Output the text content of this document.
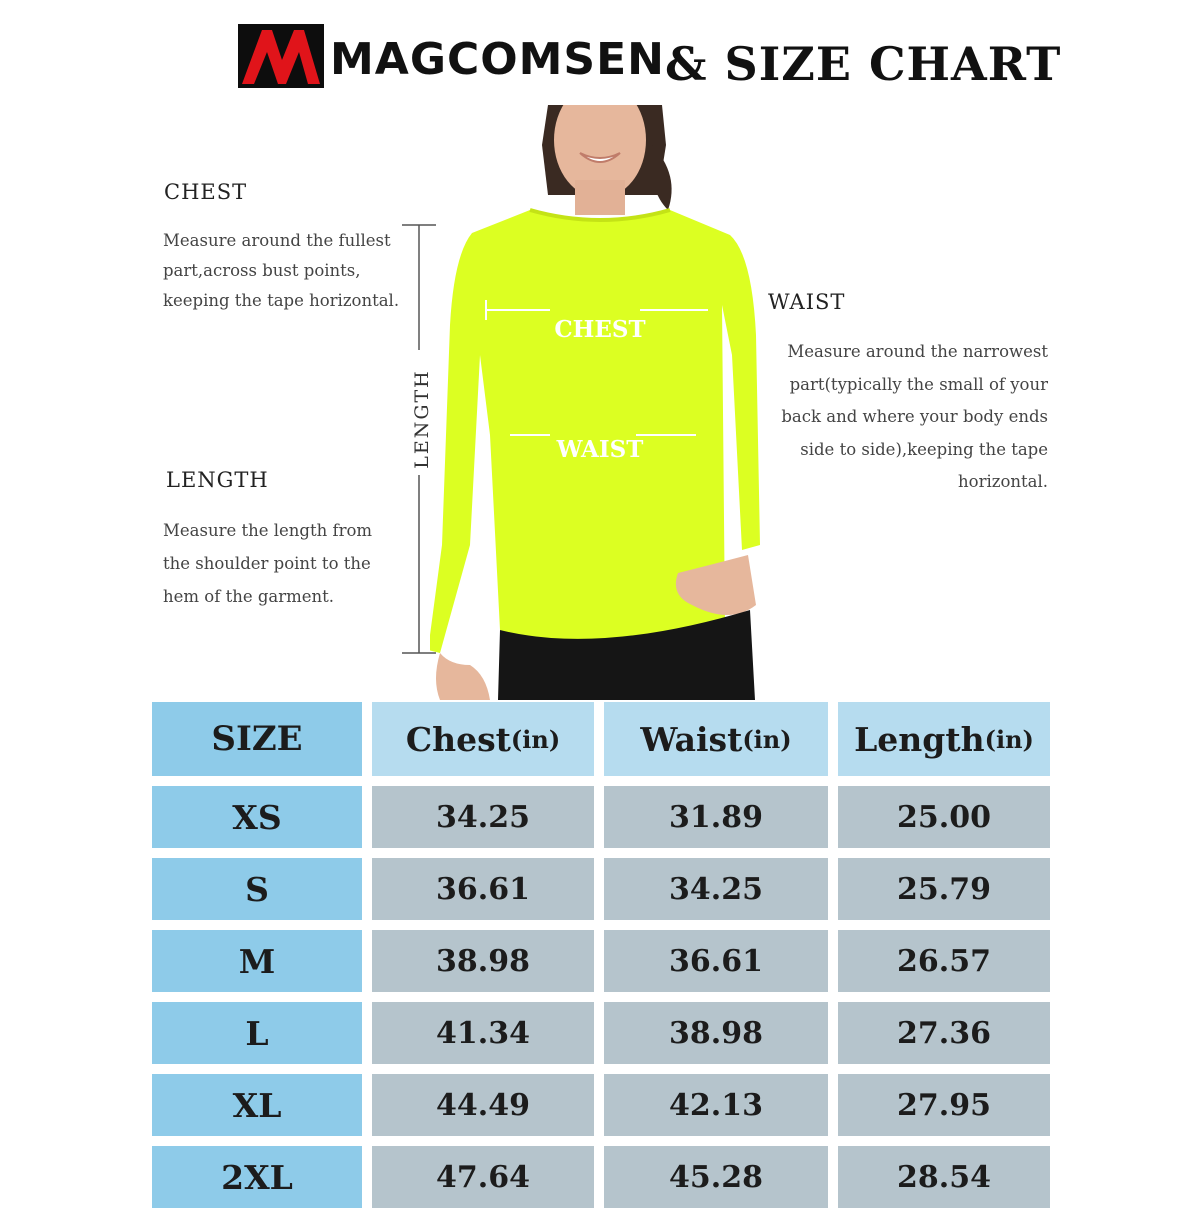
MAGCOMSEN & SIZE CHART
CHEST
Measure around the fullest
part,across bust points,
keeping the tape horizontal.
LENGTH
Measure the length from
the shoulder point to the
hem of the garment.
LENGTH
CHEST
WAIST
WAIST
Measure around the narrowest
part(typically the small of your
back and where your body ends
side to side),keeping the tape
horizontal.
SIZE	Chest (in) Waist (in) Length (in)
XS	34.25	31.89	25.00
S	36.61	34.25	25.79
M	38.98	36.61	26.57
L	41.34	38.98	27.36
XL	44.49	42.13	27.95
2XL	47.64	45.28	28.54
